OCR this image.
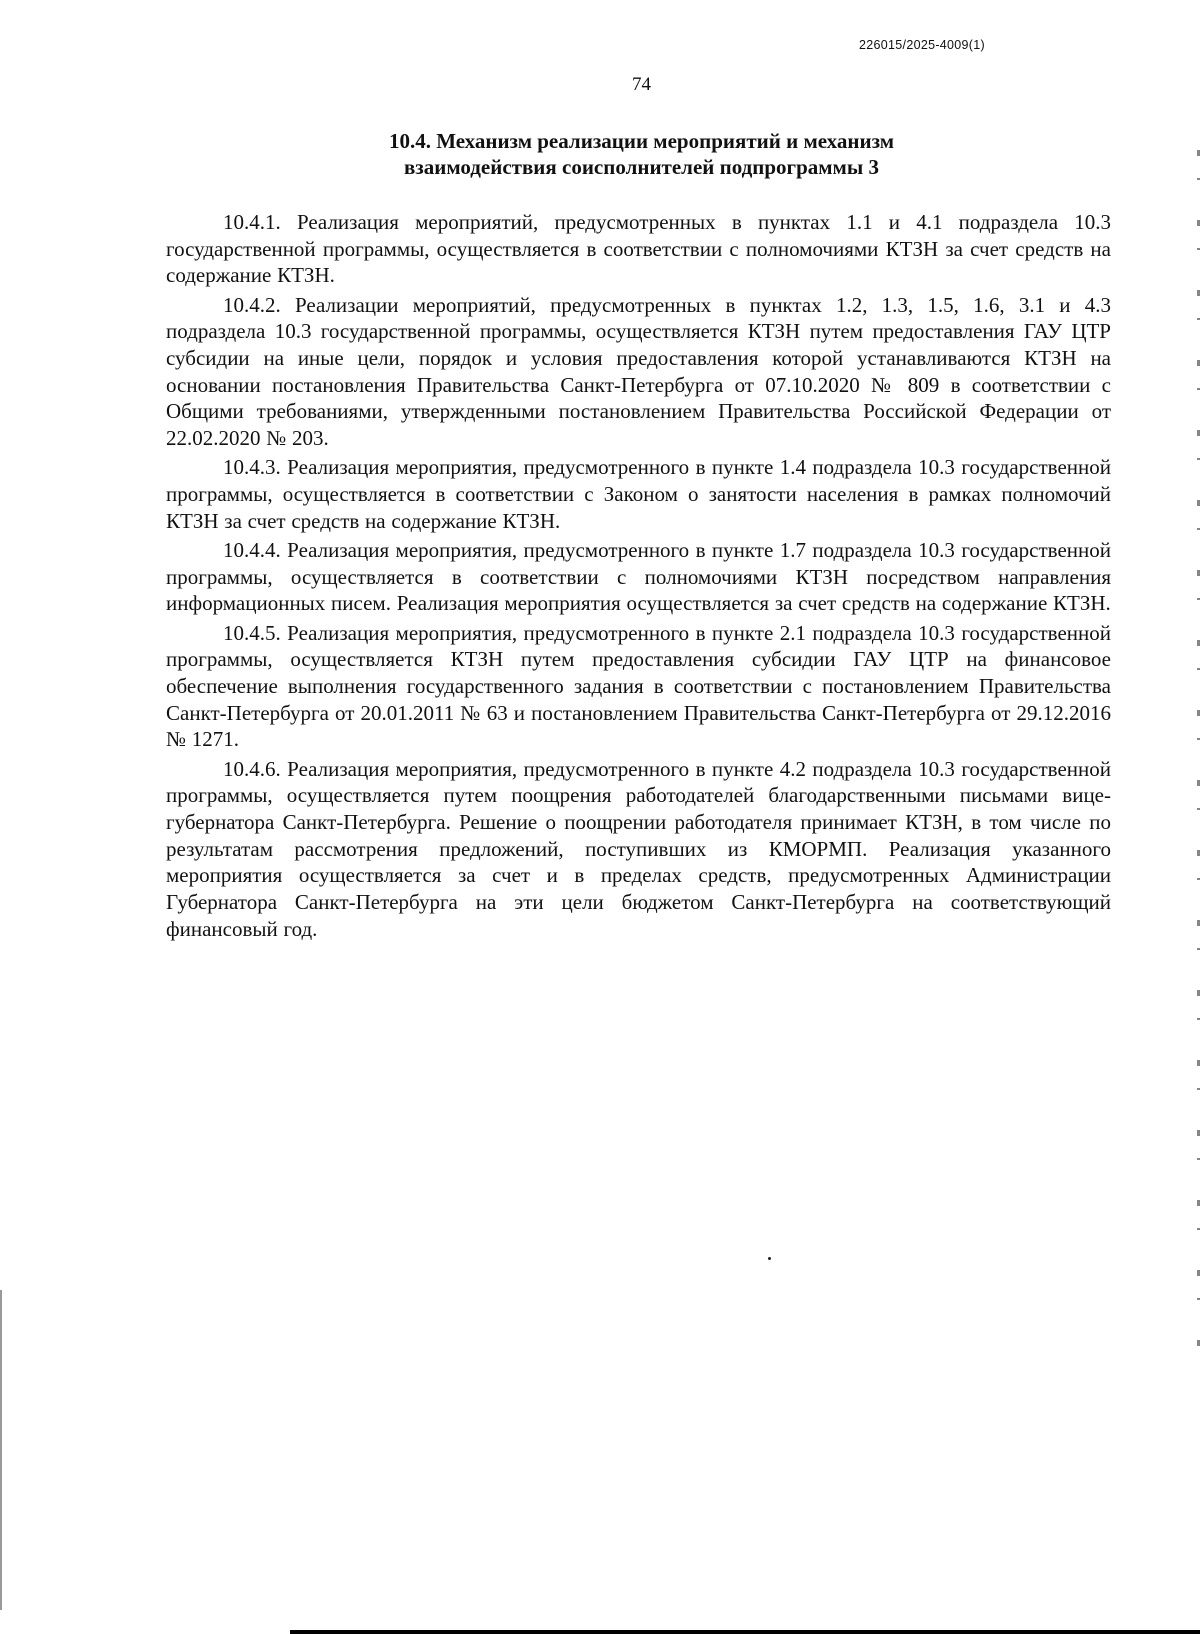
226015/2025-4009(1)
74
10.4. Механизм реализации мероприятий и механизм
взаимодействия соисполнителей подпрограммы 3

10.4.1. Реализация мероприятий, предусмотренных в пунктах 1.1 и 4.1 подраздела 10.3 государственной программы, осуществляется в соответствии с полномочиями КТЗН за счет средств на содержание КТЗН.

10.4.2. Реализации мероприятий, предусмотренных в пунктах 1.2, 1.3, 1.5, 1.6, 3.1 и 4.3 подраздела 10.3 государственной программы, осуществляется КТЗН путем предоставления ГАУ ЦТР субсидии на иные цели, порядок и условия предоставления которой устанавливаются КТЗН на основании постановления Правительства Санкт-Петербурга от 07.10.2020 № 809 в соответствии с Общими требованиями, утвержденными постановлением Правительства Российской Федерации от 22.02.2020 № 203.

10.4.3. Реализация мероприятия, предусмотренного в пункте 1.4 подраздела 10.3 государственной программы, осуществляется в соответствии с Законом о занятости населения в рамках полномочий КТЗН за счет средств на содержание КТЗН.

10.4.4. Реализация мероприятия, предусмотренного в пункте 1.7 подраздела 10.3 государственной программы, осуществляется в соответствии с полномочиями КТЗН посредством направления информационных писем. Реализация мероприятия осуществляется за счет средств на содержание КТЗН.

10.4.5. Реализация мероприятия, предусмотренного в пункте 2.1 подраздела 10.3 государственной программы, осуществляется КТЗН путем предоставления субсидии ГАУ ЦТР на финансовое обеспечение выполнения государственного задания в соответствии с постановлением Правительства Санкт-Петербурга от 20.01.2011 № 63 и постановлением Правительства Санкт-Петербурга от 29.12.2016 № 1271.

10.4.6. Реализация мероприятия, предусмотренного в пункте 4.2 подраздела 10.3 государственной программы, осуществляется путем поощрения работодателей благодарственными письмами вице-губернатора Санкт-Петербурга. Решение о поощрении работодателя принимает КТЗН, в том числе по результатам рассмотрения предложений, поступивших из КМОРМП. Реализация указанного мероприятия осуществляется за счет и в пределах средств, предусмотренных Администрации Губернатора Санкт-Петербурга на эти цели бюджетом Санкт-Петербурга на соответствующий финансовый год.
